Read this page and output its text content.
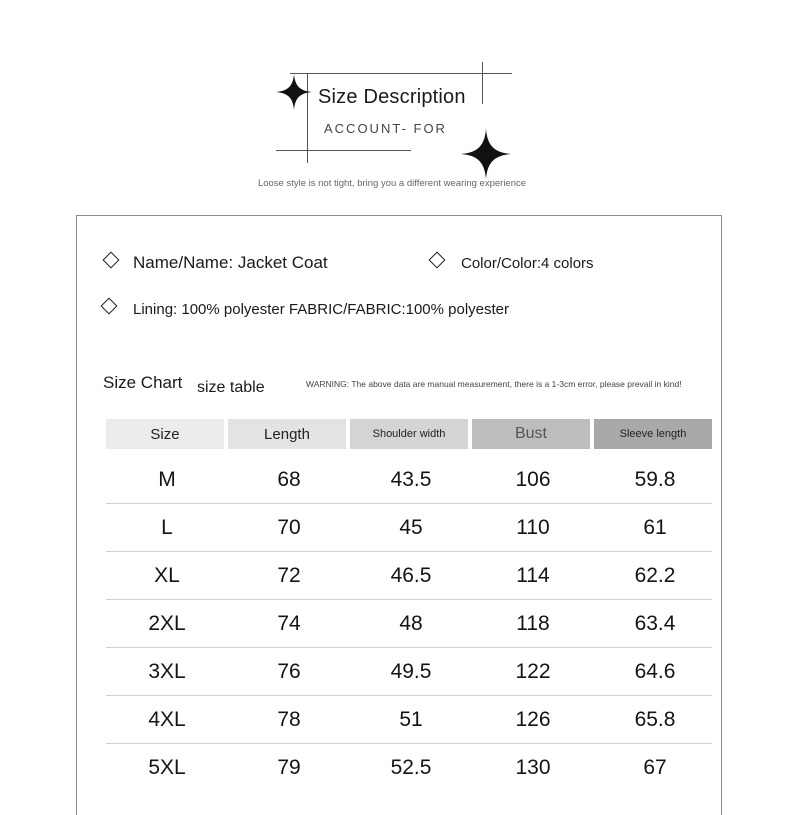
Size Description
ACCOUNT- FOR
Loose style is not tight, bring you a different wearing experience
Name/Name: Jacket Coat	Color/Color:4 colors
Lining: 100% polyester FABRIC/FABRIC:100% polyester
Size Chart size table	WARNING: The above data are manual measurement, there is a 1-3cm error, please prevail in kind!
Size	Length	Shoulder width	Bust	Sleeve length
M	68	43.5	106	59.8
L	70	45	110	61
XL	72	46.5	114	62.2
2XL	74	48	118	63.4
3XL	76	49.5	122	64.6
4XL	78	51	126	65.8
5XL	79	52.5	130	67
